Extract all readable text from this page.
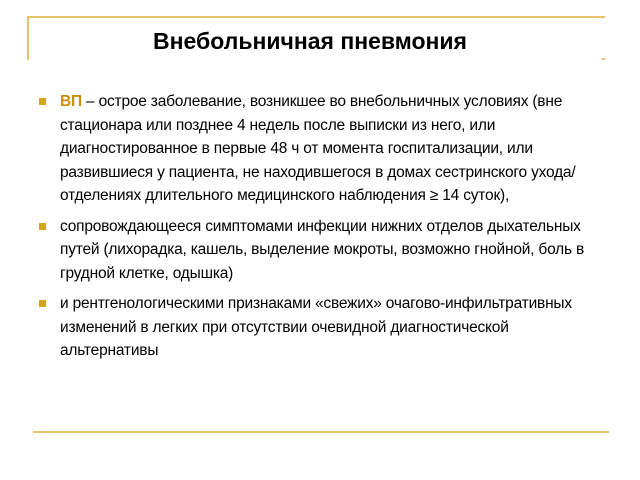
Внебольничная пневмония
ВП – острое заболевание, возникшее во внебольничных условиях (вне стационара или позднее 4 недель после выписки из него, или диагностированное в первые 48 ч от момента госпитализации, или развившиеся у пациента, не находившегося в домах сестринского ухода/отделениях длительного медицинского наблюдения ≥ 14 суток),
сопровождающееся симптомами инфекции нижних отделов дыхательных путей (лихорадка, кашель, выделение мокроты, возможно гнойной, боль в грудной клетке, одышка)
и рентгенологическими признаками «свежих» очагово-инфильтративных изменений в легких при отсутствии очевидной диагностической альтернативы
